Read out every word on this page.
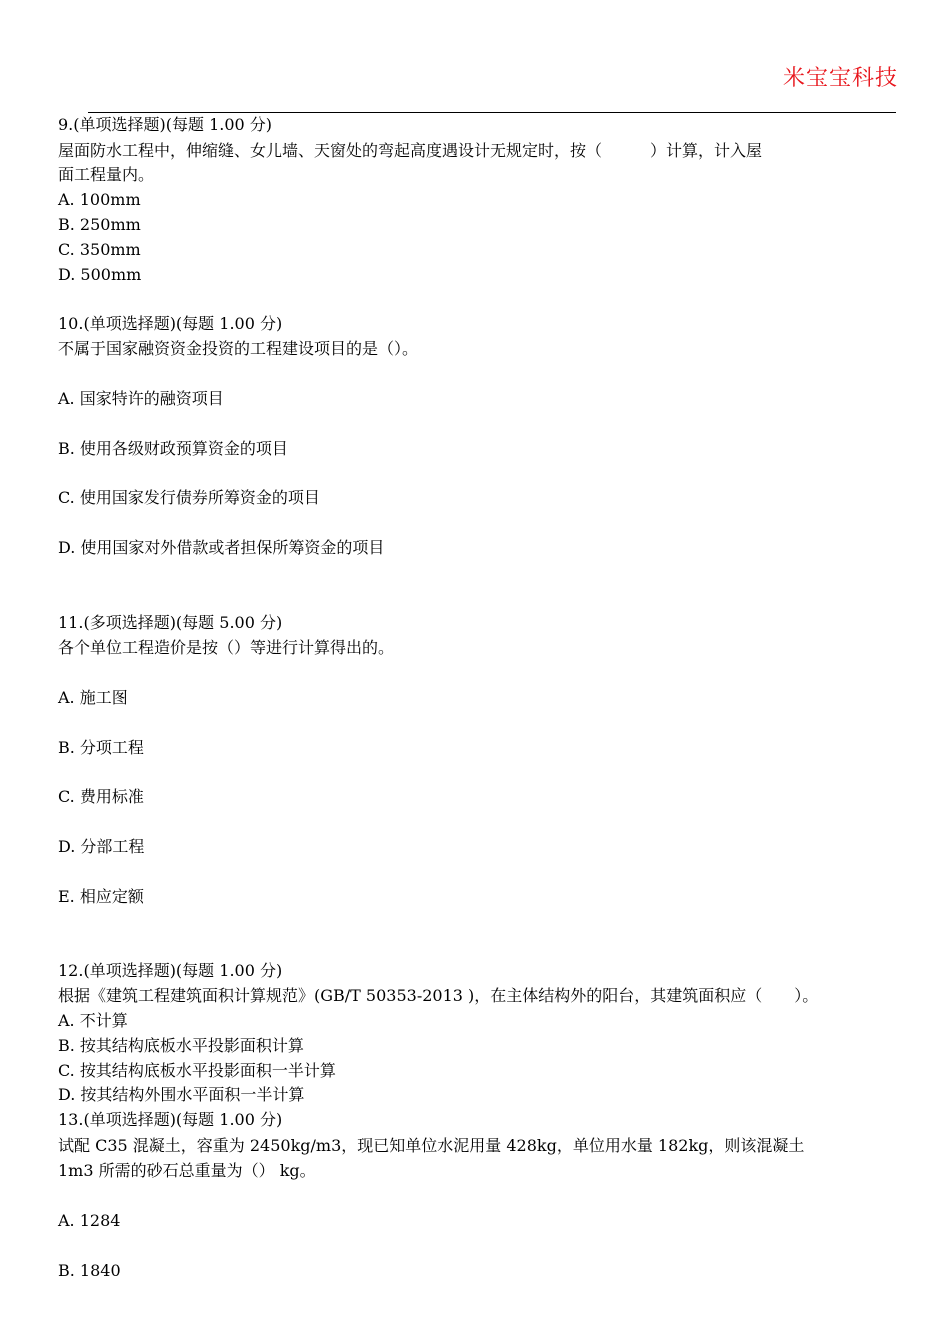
米宝宝科技
9.(单项选择题)(每题 1.00 分)
屋面防水工程中，伸缩缝、女儿墙、天窗处的弯起高度遇设计无规定时，按（　　　）计算，计入屋
面工程量内。
A. 100mm
B. 250mm
C. 350mm
D. 500mm
10.(单项选择题)(每题 1.00 分)
不属于国家融资资金投资的工程建设项目的是（）。
A. 国家特许的融资项目
B. 使用各级财政预算资金的项目
C. 使用国家发行债券所筹资金的项目
D. 使用国家对外借款或者担保所筹资金的项目
11.(多项选择题)(每题 5.00 分)
各个单位工程造价是按（）等进行计算得出的。
A. 施工图
B. 分项工程
C. 费用标准
D. 分部工程
E. 相应定额
12.(单项选择题)(每题 1.00 分)
根据《建筑工程建筑面积计算规范》(GB/T 50353-2013 )，在主体结构外的阳台，其建筑面积应（　　）。
A. 不计算
B. 按其结构底板水平投影面积计算
C. 按其结构底板水平投影面积一半计算
D. 按其结构外围水平面积一半计算
13.(单项选择题)(每题 1.00 分)
试配 C35 混凝土，容重为 2450kg/m3，现已知单位水泥用量 428kg，单位用水量 182kg，则该混凝土
1m3 所需的砂石总重量为（） kg。
A. 1284
B. 1840
